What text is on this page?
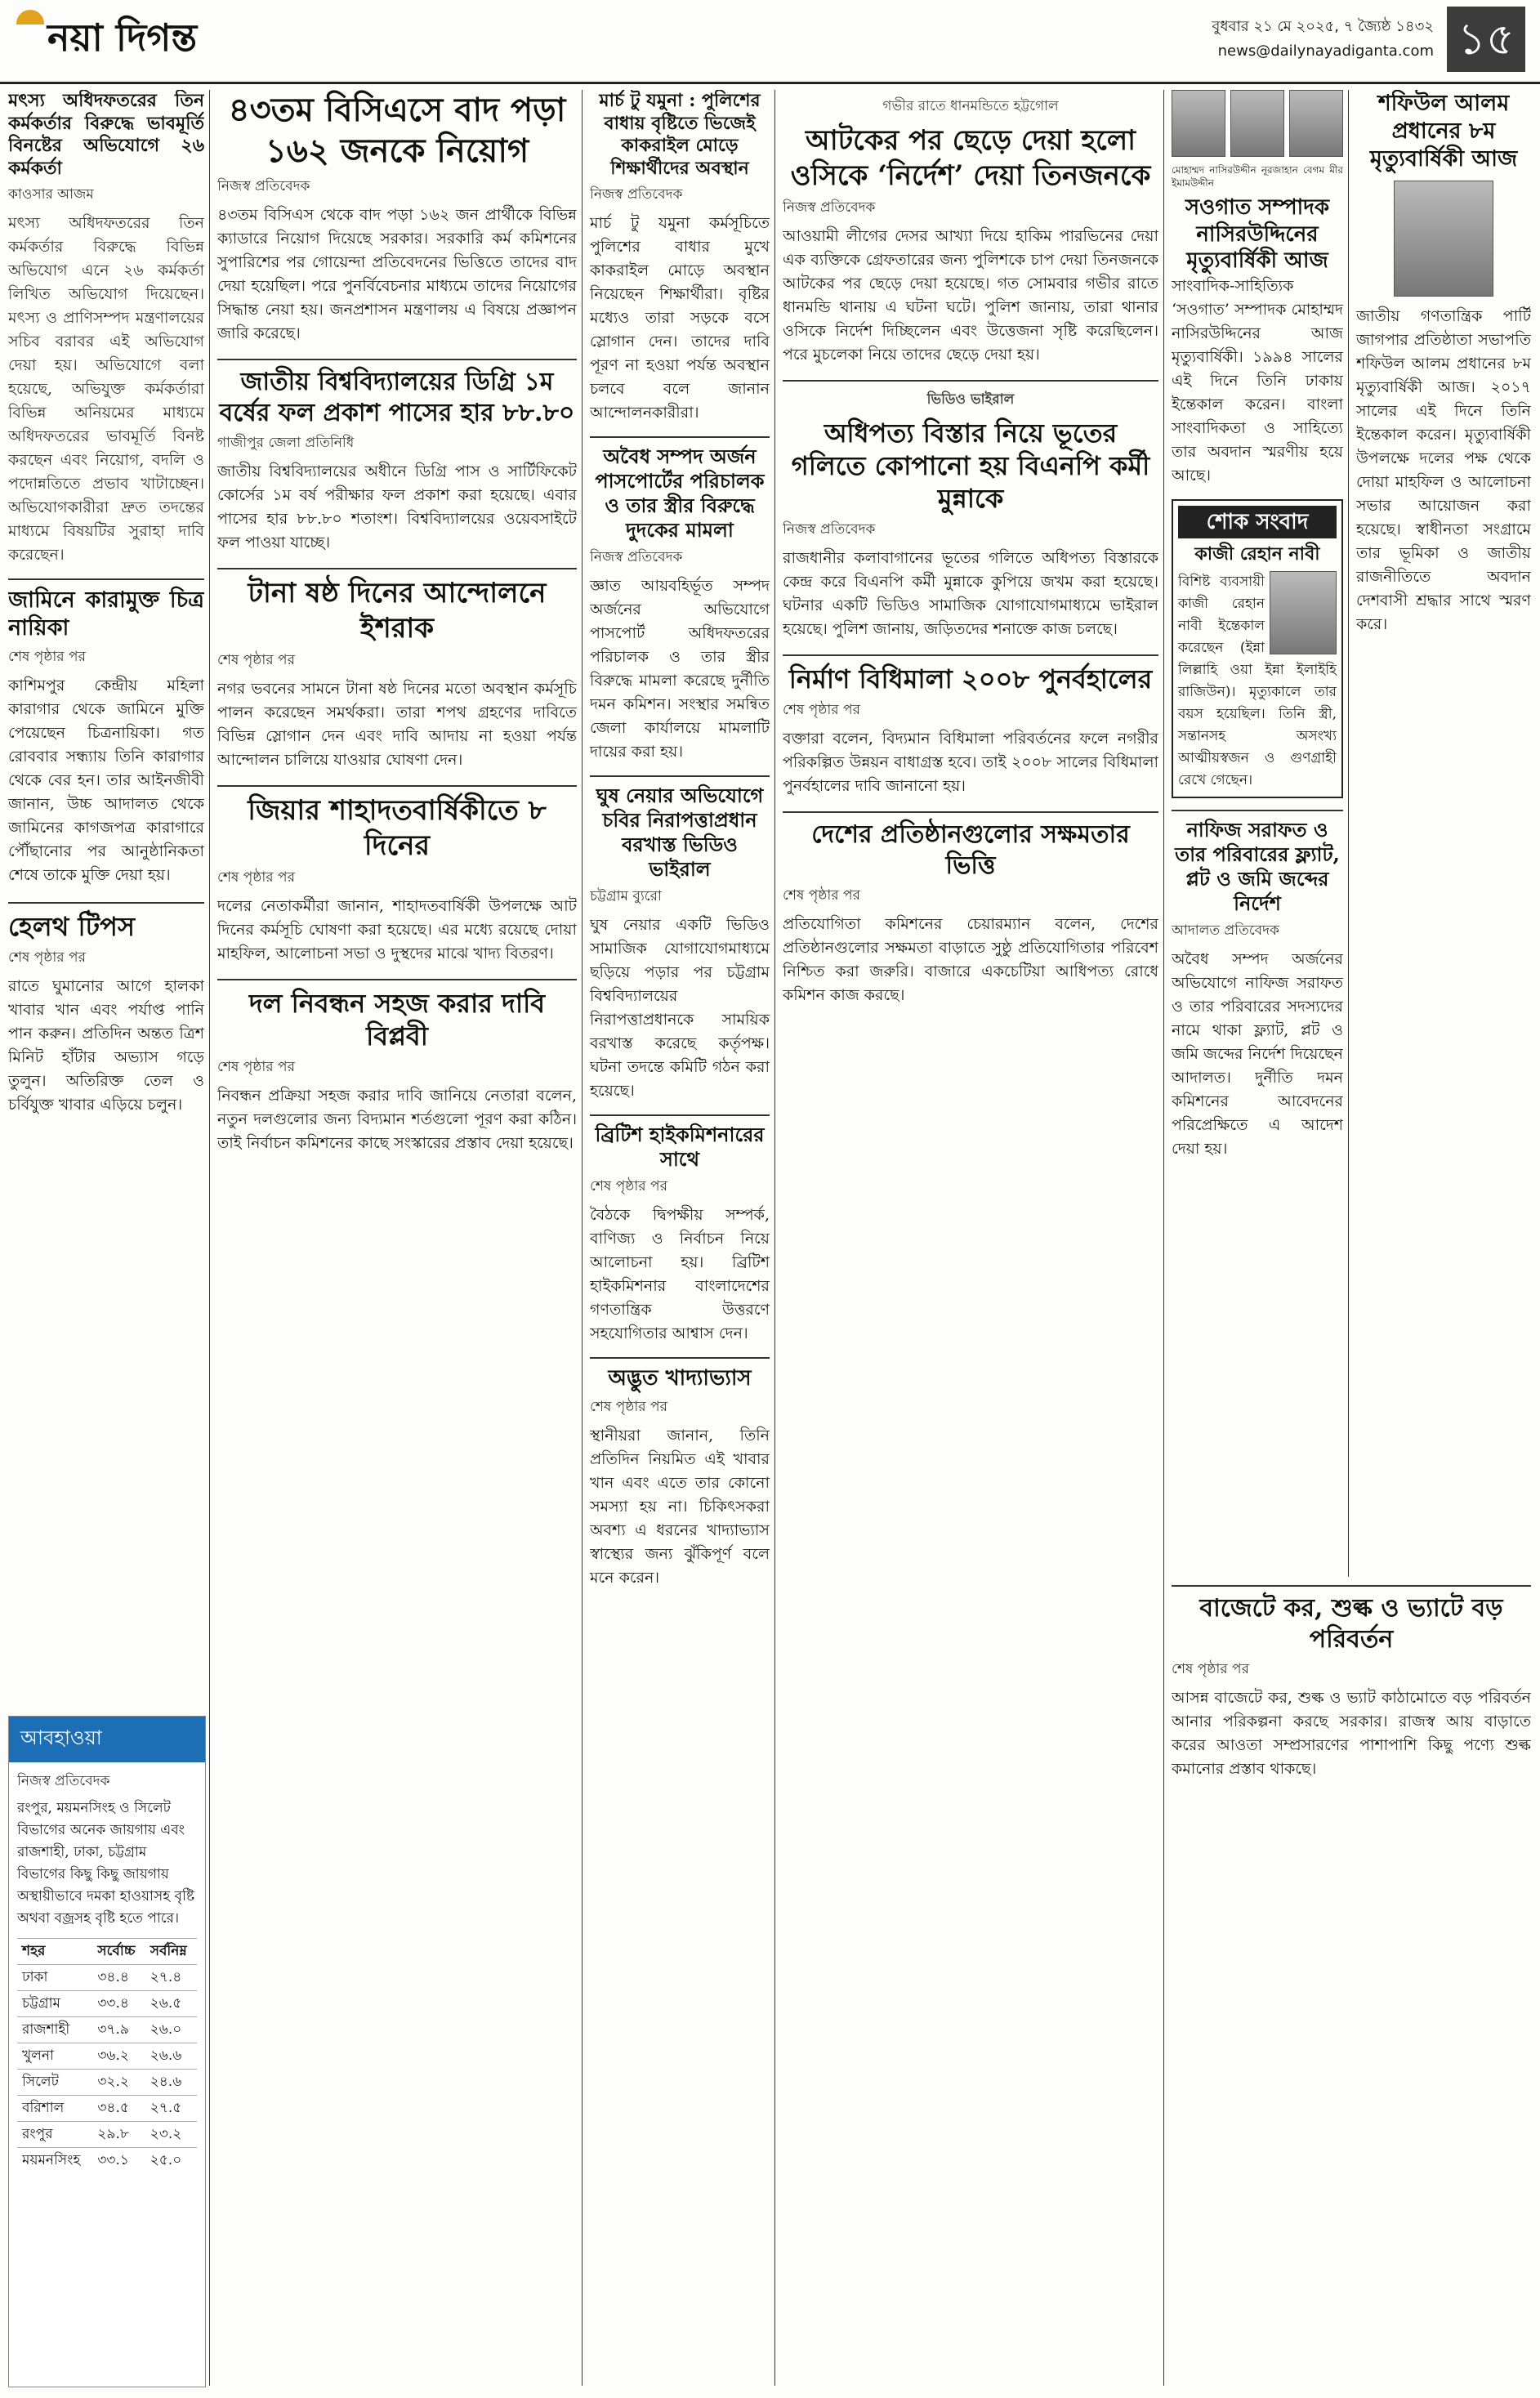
নয়া দিগন্ত	বুধবার ২১ মে ২০২৫, ৭ জ্যৈষ্ঠ ১৪৩২
news@dailynayadiganta.com ১৫
মৎস্য অধিদফতরের তিন কর্মকর্তার বিরুদ্ধে ভাবমূর্তি বিনষ্টের অভিযোগে ২৬ কর্মকর্তা
কাওসার আজম
মৎস্য অধিদফতরের তিন কর্মকর্তার বিরুদ্ধে বিভিন্ন অভিযোগ এনে ২৬ কর্মকর্তা লিখিত অভিযোগ দিয়েছেন। মৎস্য ও প্রাণিসম্পদ মন্ত্রণালয়ের সচিব বরাবর এই অভিযোগ দেয়া হয়। অভিযোগে বলা হয়েছে, অভিযুক্ত কর্মকর্তারা বিভিন্ন অনিয়মের মাধ্যমে অধিদফতরের ভাবমূর্তি বিনষ্ট করছেন এবং নিয়োগ, বদলি ও পদোন্নতিতে প্রভাব খাটাচ্ছেন। অভিযোগকারীরা দ্রুত তদন্তের মাধ্যমে বিষয়টির সুরাহা দাবি করেছেন।
জামিনে কারামুক্ত চিত্র নায়িকা
শেষ পৃষ্ঠার পর
কাশিমপুর কেন্দ্রীয় মহিলা কারাগার থেকে জামিনে মুক্তি পেয়েছেন চিত্রনায়িকা। গত রোববার সন্ধ্যায় তিনি কারাগার থেকে বের হন। তার আইনজীবী জানান, উচ্চ আদালত থেকে জামিনের কাগজপত্র কারাগারে পৌঁছানোর পর আনুষ্ঠানিকতা শেষে তাকে মুক্তি দেয়া হয়।
হেলথ টিপস
শেষ পৃষ্ঠার পর
রাতে ঘুমানোর আগে হালকা খাবার খান এবং পর্যাপ্ত পানি পান করুন। প্রতিদিন অন্তত ত্রিশ মিনিট হাঁটার অভ্যাস গড়ে তুলুন। অতিরিক্ত তেল ও চর্বিযুক্ত খাবার এড়িয়ে চলুন।
আবহাওয়া
নিজস্ব প্রতিবেদক
রংপুর, ময়মনসিংহ ও সিলেট বিভাগের অনেক জায়গায় এবং রাজশাহী, ঢাকা, চট্টগ্রাম বিভাগের কিছু কিছু জায়গায় অস্থায়ীভাবে দমকা হাওয়াসহ বৃষ্টি অথবা বজ্রসহ বৃষ্টি হতে পারে।
শহর	সর্বোচ্চ	সর্বনিম্ন
ঢাকা	৩৪.৪	২৭.৪
চট্টগ্রাম	৩৩.৪	২৬.৫
রাজশাহী	৩৭.৯	২৬.০
খুলনা	৩৬.২	২৬.৬
সিলেট	৩২.২	২৪.৬
বরিশাল	৩৪.৫	২৭.৫
রংপুর	২৯.৮	২৩.২
ময়মনসিংহ	৩৩.১	২৫.০
৪৩তম বিসিএসে বাদ পড়া ১৬২ জনকে নিয়োগ
নিজস্ব প্রতিবেদক
৪৩তম বিসিএস থেকে বাদ পড়া ১৬২ জন প্রার্থীকে বিভিন্ন ক্যাডারে নিয়োগ দিয়েছে সরকার। সরকারি কর্ম কমিশনের সুপারিশের পর গোয়েন্দা প্রতিবেদনের ভিত্তিতে তাদের বাদ দেয়া হয়েছিল। পরে পুনর্বিবেচনার মাধ্যমে তাদের নিয়োগের সিদ্ধান্ত নেয়া হয়। জনপ্রশাসন মন্ত্রণালয় এ বিষয়ে প্রজ্ঞাপন জারি করেছে।
জাতীয় বিশ্ববিদ্যালয়ের ডিগ্রি ১ম বর্ষের ফল প্রকাশ পাসের হার ৮৮.৮০
গাজীপুর জেলা প্রতিনিধি
জাতীয় বিশ্ববিদ্যালয়ের অধীনে ডিগ্রি পাস ও সার্টিফিকেট কোর্সের ১ম বর্ষ পরীক্ষার ফল প্রকাশ করা হয়েছে। এবার পাসের হার ৮৮.৮০ শতাংশ। বিশ্ববিদ্যালয়ের ওয়েবসাইটে ফল পাওয়া যাচ্ছে।
টানা ষষ্ঠ দিনের আন্দোলনে ইশরাক
শেষ পৃষ্ঠার পর
নগর ভবনের সামনে টানা ষষ্ঠ দিনের মতো অবস্থান কর্মসূচি পালন করেছেন সমর্থকরা। তারা শপথ গ্রহণের দাবিতে বিভিন্ন স্লোগান দেন এবং দাবি আদায় না হওয়া পর্যন্ত আন্দোলন চালিয়ে যাওয়ার ঘোষণা দেন।
জিয়ার শাহাদতবার্ষিকীতে ৮ দিনের
শেষ পৃষ্ঠার পর
দলের নেতাকর্মীরা জানান, শাহাদতবার্ষিকী উপলক্ষে আট দিনের কর্মসূচি ঘোষণা করা হয়েছে। এর মধ্যে রয়েছে দোয়া মাহফিল, আলোচনা সভা ও দুস্থদের মাঝে খাদ্য বিতরণ।
দল নিবন্ধন সহজ করার দাবি বিপ্লবী
শেষ পৃষ্ঠার পর
নিবন্ধন প্রক্রিয়া সহজ করার দাবি জানিয়ে নেতারা বলেন, নতুন দলগুলোর জন্য বিদ্যমান শর্তগুলো পূরণ করা কঠিন। তাই নির্বাচন কমিশনের কাছে সংস্কারের প্রস্তাব দেয়া হয়েছে।
মার্চ টু যমুনা : পুলিশের বাধায় বৃষ্টিতে ভিজেই কাকরাইল মোড়ে শিক্ষার্থীদের অবস্থান
নিজস্ব প্রতিবেদক
মার্চ টু যমুনা কর্মসূচিতে পুলিশের বাধার মুখে কাকরাইল মোড়ে অবস্থান নিয়েছেন শিক্ষার্থীরা। বৃষ্টির মধ্যেও তারা সড়কে বসে স্লোগান দেন। তাদের দাবি পূরণ না হওয়া পর্যন্ত অবস্থান চলবে বলে জানান আন্দোলনকারীরা।
অবৈধ সম্পদ অর্জন পাসপোর্টের পরিচালক ও তার স্ত্রীর বিরুদ্ধে দুদকের মামলা
নিজস্ব প্রতিবেদক
জ্ঞাত আয়বহির্ভূত সম্পদ অর্জনের অভিযোগে পাসপোর্ট অধিদফতরের পরিচালক ও তার স্ত্রীর বিরুদ্ধে মামলা করেছে দুর্নীতি দমন কমিশন। সংস্থার সমন্বিত জেলা কার্যালয়ে মামলাটি দায়ের করা হয়।
ঘুষ নেয়ার অভিযোগে চবির নিরাপত্তাপ্রধান বরখাস্ত ভিডিও ভাইরাল
চট্টগ্রাম ব্যুরো
ঘুষ নেয়ার একটি ভিডিও সামাজিক যোগাযোগমাধ্যমে ছড়িয়ে পড়ার পর চট্টগ্রাম বিশ্ববিদ্যালয়ের নিরাপত্তাপ্রধানকে সাময়িক বরখাস্ত করেছে কর্তৃপক্ষ। ঘটনা তদন্তে কমিটি গঠন করা হয়েছে।
ব্রিটিশ হাইকমিশনারের সাথে
শেষ পৃষ্ঠার পর
বৈঠকে দ্বিপক্ষীয় সম্পর্ক, বাণিজ্য ও নির্বাচন নিয়ে আলোচনা হয়। ব্রিটিশ হাইকমিশনার বাংলাদেশের গণতান্ত্রিক উত্তরণে সহযোগিতার আশ্বাস দেন।
অদ্ভুত খাদ্যাভ্যাস
শেষ পৃষ্ঠার পর
স্থানীয়রা জানান, তিনি প্রতিদিন নিয়মিত এই খাবার খান এবং এতে তার কোনো সমস্যা হয় না। চিকিৎসকরা অবশ্য এ ধরনের খাদ্যাভ্যাস স্বাস্থ্যের জন্য ঝুঁকিপূর্ণ বলে মনে করেন।
গভীর রাতে ধানমন্ডিতে হট্টগোল
আটকের পর ছেড়ে দেয়া হলো ওসিকে ‘নির্দেশ’ দেয়া তিনজনকে
নিজস্ব প্রতিবেদক
আওয়ামী লীগের দেসর আখ্যা দিয়ে হাকিম পারভিনের দেয়া এক ব্যক্তিকে গ্রেফতারের জন্য পুলিশকে চাপ দেয়া তিনজনকে আটকের পর ছেড়ে দেয়া হয়েছে। গত সোমবার গভীর রাতে ধানমন্ডি থানায় এ ঘটনা ঘটে। পুলিশ জানায়, তারা থানার ওসিকে নির্দেশ দিচ্ছিলেন এবং উত্তেজনা সৃষ্টি করেছিলেন। পরে মুচলেকা নিয়ে তাদের ছেড়ে দেয়া হয়।
ভিডিও ভাইরাল
অধিপত্য বিস্তার নিয়ে ভূতের গলিতে কোপানো হয় বিএনপি কর্মী মুন্নাকে
নিজস্ব প্রতিবেদক
রাজধানীর কলাবাগানের ভূতের গলিতে অধিপত্য বিস্তারকে কেন্দ্র করে বিএনপি কর্মী মুন্নাকে কুপিয়ে জখম করা হয়েছে। ঘটনার একটি ভিডিও সামাজিক যোগাযোগমাধ্যমে ভাইরাল হয়েছে। পুলিশ জানায়, জড়িতদের শনাক্তে কাজ চলছে।
নির্মাণ বিধিমালা ২০০৮ পুনর্বহালের
শেষ পৃষ্ঠার পর
বক্তারা বলেন, বিদ্যমান বিধিমালা পরিবর্তনের ফলে নগরীর পরিকল্পিত উন্নয়ন বাধাগ্রস্ত হবে। তাই ২০০৮ সালের বিধিমালা পুনর্বহালের দাবি জানানো হয়।
দেশের প্রতিষ্ঠানগুলোর সক্ষমতার ভিত্তি
শেষ পৃষ্ঠার পর
প্রতিযোগিতা কমিশনের চেয়ারম্যান বলেন, দেশের প্রতিষ্ঠানগুলোর সক্ষমতা বাড়াতে সুষ্ঠু প্রতিযোগিতার পরিবেশ নিশ্চিত করা জরুরি। বাজারে একচেটিয়া আধিপত্য রোধে কমিশন কাজ করছে।
মোহাম্মদ নাসিরউদ্দীন নূরজাহান বেগম মীর ইমামউদ্দীন
সওগাত সম্পাদক নাসিরউদ্দিনের মৃত্যুবার্ষিকী আজ
সাংবাদিক-সাহিত্যিক ‘সওগাত’ সম্পাদক মোহাম্মদ নাসিরউদ্দিনের আজ মৃত্যুবার্ষিকী। ১৯৯৪ সালের এই দিনে তিনি ঢাকায় ইন্তেকাল করেন। বাংলা সাংবাদিকতা ও সাহিত্যে তার অবদান স্মরণীয় হয়ে আছে।
শোক সংবাদ
কাজী রেহান নাবী
বিশিষ্ট ব্যবসায়ী কাজী রেহান নাবী ইন্তেকাল করেছেন (ইন্না লিল্লাহি ওয়া ইন্না ইলাইহি রাজিউন)। মৃত্যুকালে তার বয়স হয়েছিল। তিনি স্ত্রী, সন্তানসহ অসংখ্য আত্মীয়স্বজন ও গুণগ্রাহী রেখে গেছেন।
নাফিজ সরাফত ও তার পরিবারের ফ্ল্যাট, প্লট ও জমি জব্দের নির্দেশ
আদালত প্রতিবেদক
অবৈধ সম্পদ অর্জনের অভিযোগে নাফিজ সরাফত ও তার পরিবারের সদস্যদের নামে থাকা ফ্ল্যাট, প্লট ও জমি জব্দের নির্দেশ দিয়েছেন আদালত। দুর্নীতি দমন কমিশনের আবেদনের পরিপ্রেক্ষিতে এ আদেশ দেয়া হয়।
বাজেটে কর, শুল্ক ও ভ্যাটে বড় পরিবর্তন
শেষ পৃষ্ঠার পর
আসন্ন বাজেটে কর, শুল্ক ও ভ্যাট কাঠামোতে বড় পরিবর্তন আনার পরিকল্পনা করছে সরকার। রাজস্ব আয় বাড়াতে করের আওতা সম্প্রসারণের পাশাপাশি কিছু পণ্যে শুল্ক কমানোর প্রস্তাব থাকছে।
শফিউল আলম প্রধানের ৮ম মৃত্যুবার্ষিকী আজ
জাতীয় গণতান্ত্রিক পার্টি জাগপার প্রতিষ্ঠাতা সভাপতি শফিউল আলম প্রধানের ৮ম মৃত্যুবার্ষিকী আজ। ২০১৭ সালের এই দিনে তিনি ইন্তেকাল করেন। মৃত্যুবার্ষিকী উপলক্ষে দলের পক্ষ থেকে দোয়া মাহফিল ও আলোচনা সভার আয়োজন করা হয়েছে। স্বাধীনতা সংগ্রামে তার ভূমিকা ও জাতীয় রাজনীতিতে অবদান দেশবাসী শ্রদ্ধার সাথে স্মরণ করে।
